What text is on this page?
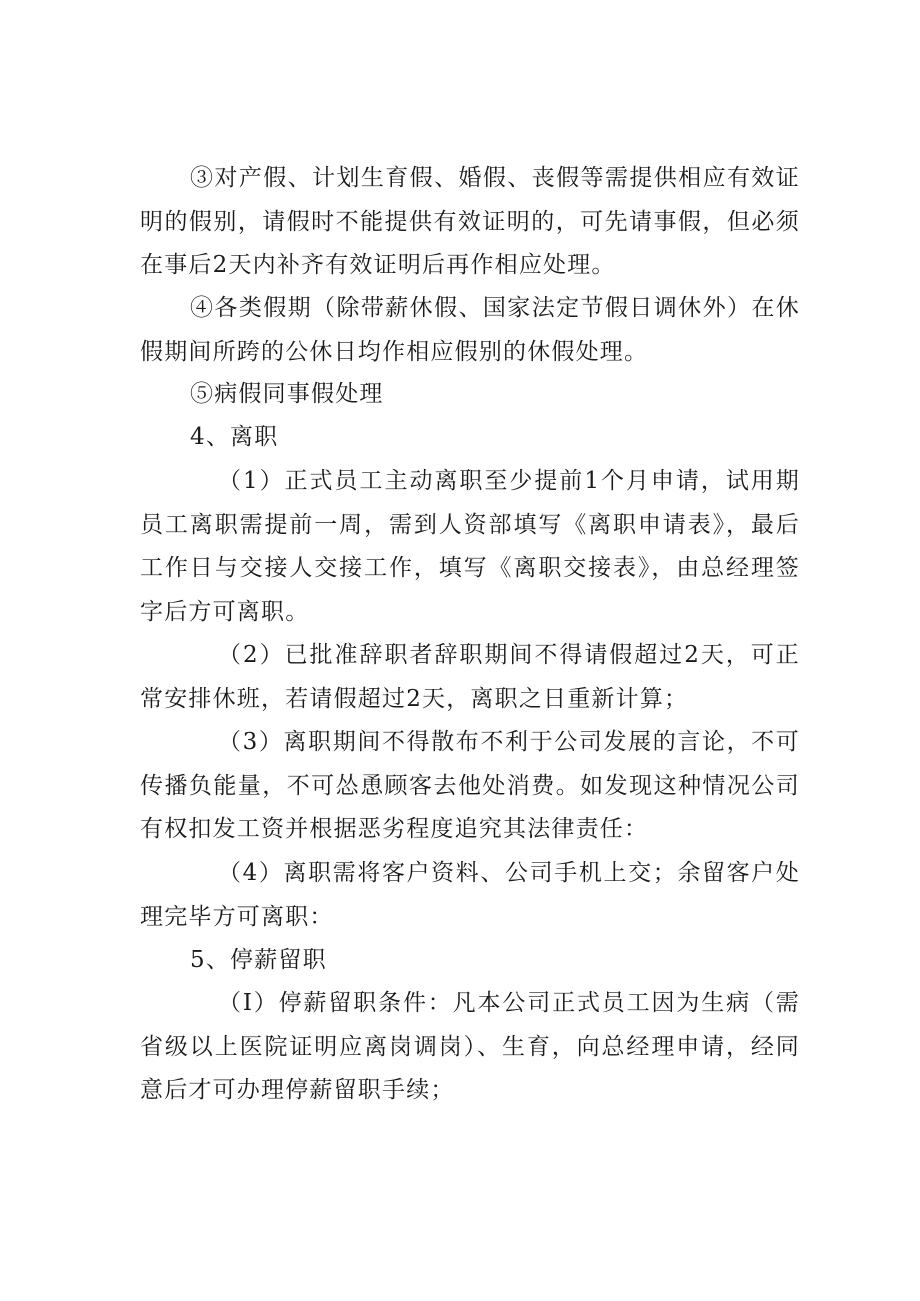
③对产假、计划生育假、婚假、丧假等需提供相应有效证明的假别，请假时不能提供有效证明的，可先请事假，但必须在事后2天内补齐有效证明后再作相应处理。

④各类假期（除带薪休假、国家法定节假日调休外）在休假期间所跨的公休日均作相应假别的休假处理。

⑤病假同事假处理

4、离职

（1）正式员工主动离职至少提前1个月申请，试用期员工离职需提前一周，需到人资部填写《离职申请表》，最后工作日与交接人交接工作，填写《离职交接表》，由总经理签字后方可离职。

（2）已批准辞职者辞职期间不得请假超过2天，可正常安排休班，若请假超过2天，离职之日重新计算；

（3）离职期间不得散布不利于公司发展的言论，不可传播负能量，不可怂恿顾客去他处消费。如发现这种情况公司有权扣发工资并根据恶劣程度追究其法律责任：

（4）离职需将客户资料、公司手机上交；余留客户处理完毕方可离职：

5、停薪留职

（I）停薪留职条件：凡本公司正式员工因为生病（需省级以上医院证明应离岗调岗）、生育，向总经理申请，经同意后才可办理停薪留职手续；
